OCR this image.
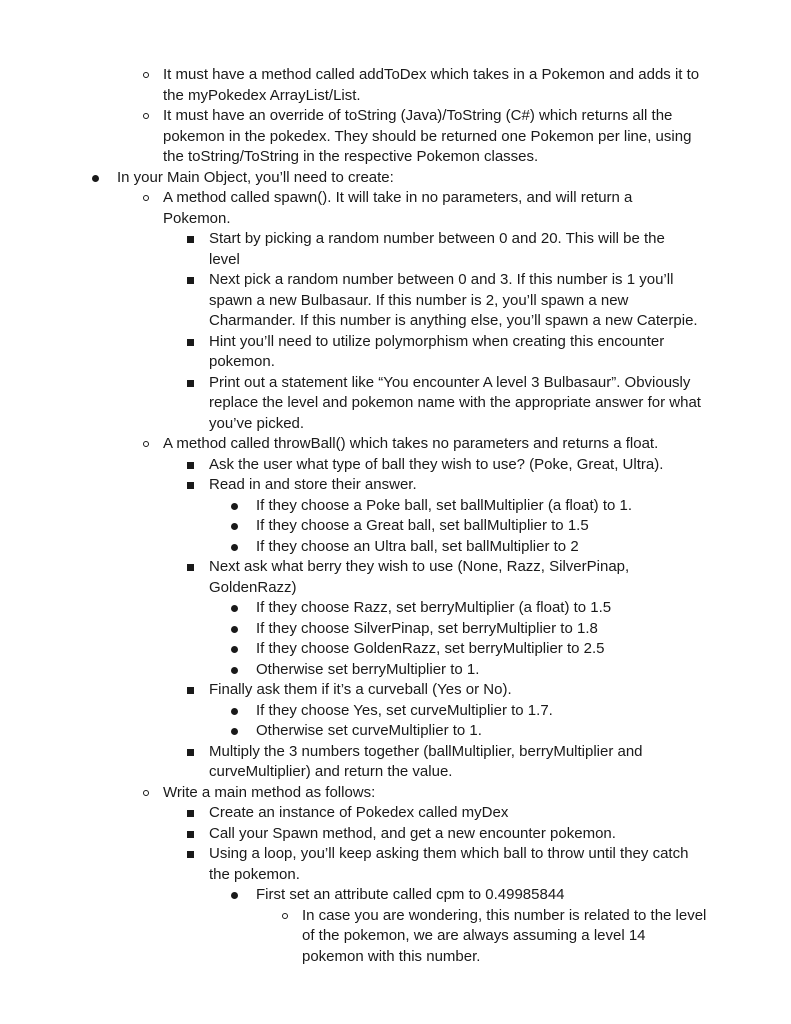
It must have a method called addToDex which takes in a Pokemon and adds it to
the myPokedex ArrayList/List.
It must have an override of toString (Java)/ToString (C#) which returns all the
pokemon in the pokedex. They should be returned one Pokemon per line, using
the toString/ToString in the respective Pokemon classes.
In your Main Object, you’ll need to create:
A method called spawn(). It will take in no parameters, and will return a
Pokemon.
Start by picking a random number between 0 and 20. This will be the
level
Next pick a random number between 0 and 3. If this number is 1 you’ll
spawn a new Bulbasaur. If this number is 2, you’ll spawn a new
Charmander. If this number is anything else, you’ll spawn a new Caterpie.
Hint you’ll need to utilize polymorphism when creating this encounter
pokemon.
Print out a statement like “You encounter A level 3 Bulbasaur”. Obviously
replace the level and pokemon name with the appropriate answer for what
you’ve picked.
A method called throwBall() which takes no parameters and returns a float.
Ask the user what type of ball they wish to use? (Poke, Great, Ultra).
Read in and store their answer.
If they choose a Poke ball, set ballMultiplier (a float) to 1.
If they choose a Great ball, set ballMultiplier to 1.5
If they choose an Ultra ball, set ballMultiplier to 2
Next ask what berry they wish to use (None, Razz, SilverPinap,
GoldenRazz)
If they choose Razz, set berryMultiplier (a float) to 1.5
If they choose SilverPinap, set berryMultiplier to 1.8
If they choose GoldenRazz, set berryMultiplier to 2.5
Otherwise set berryMultiplier to 1.
Finally ask them if it’s a curveball (Yes or No).
If they choose Yes, set curveMultiplier to 1.7.
Otherwise set curveMultiplier to 1.
Multiply the 3 numbers together (ballMultiplier, berryMultiplier and
curveMultiplier) and return the value.
Write a main method as follows:
Create an instance of Pokedex called myDex
Call your Spawn method, and get a new encounter pokemon.
Using a loop, you’ll keep asking them which ball to throw until they catch
the pokemon.
First set an attribute called cpm to 0.49985844
In case you are wondering, this number is related to the level
of the pokemon, we are always assuming a level 14
pokemon with this number.
